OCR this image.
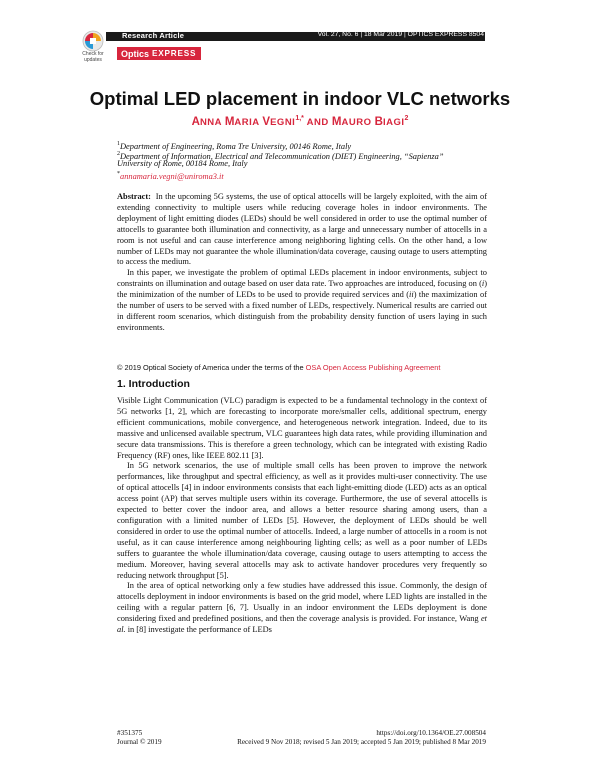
Check for
updates
Research Article	Vol. 27, No. 6 | 18 Mar 2019 | OPTICS EXPRESS 8504
Optics EXPRESS
Optimal LED placement in indoor VLC networks
ANNA MARIA $VEGNI^{1,*}$ AND MAURO BIAGI$^2$
$^1$Department of Engineering, Roma Tre University, 00146 Rome, Italy
$^2$Department of Information, Electrical and Telecommunication (DIET) Engineering, “Sapienza”
University of Rome, 00184 Rome, Italy
*annamaria.vegni@uniroma3.it

Abstract: In the upcoming 5G systems, the use of optical attocells will be largely exploited, with the aim of extending connectivity to multiple users while reducing coverage holes in indoor environments. The deployment of light emitting diodes (LEDs) should be well considered in order to use the optimal number of attocells to guarantee both illumination and connectivity, as a large and unnecessary number of attocells in a room is not useful and can cause interference among neighboring lighting cells. On the other hand, a low number of LEDs may not guarantee the whole illumination/data coverage, causing outage to users attempting to access the medium.

In this paper, we investigate the problem of optimal LEDs placement in indoor environments, subject to constraints on illumination and outage based on user data rate. Two approaches are introduced, focusing on (i) the minimization of the number of LEDs to be used to provide required services and (ii) the maximization of the number of users to be served with a fixed number of LEDs, respectively. Numerical results are carried out in different room scenarios, which distinguish from the probability density function of users laying in such environments.

© 2019 Optical Society of America under the terms of the OSA Open Access Publishing Agreement
1. Introduction

Visible Light Communication (VLC) paradigm is expected to be a fundamental technology in the context of 5G networks [1, 2], which are forecasting to incorporate more/smaller cells, additional spectrum, energy efficient communications, mobile convergence, and heterogeneous network integration. Indeed, due to its massive and unlicensed available spectrum, VLC guarantees high data rates, while providing illumination and secure data transmissions. This is therefore a green technology, which can be integrated with existing Radio Frequency (RF) ones, like IEEE 802.11 [3].

In 5G network scenarios, the use of multiple small cells has been proven to improve the network performances, like throughput and spectral efficiency, as well as it provides multi-user connectivity. The use of optical attocells [4] in indoor environments consists that each light-emitting diode (LED) acts as an optical access point (AP) that serves multiple users within its coverage. Furthermore, the use of several attocells is expected to better cover the indoor area, and allows a better resource sharing among users, than a configuration with a limited number of LEDs [5]. However, the deployment of LEDs should be well considered in order to use the optimal number of attocells. Indeed, a large number of attocells in a room is not useful, as it can cause interference among neighbouring lighting cells; as well as a poor number of LEDs suffers to guarantee the whole illumination/data coverage, causing outage to users attempting to access the medium. Moreover, having several attocells may ask to activate handover procedures very frequently so reducing network throughput [5].

In the area of optical networking only a few studies have addressed this issue. Commonly, the design of attocells deployment in indoor environments is based on the grid model, where LED lights are installed in the ceiling with a regular pattern [6, 7]. Usually in an indoor environment the LEDs deployment is done considering fixed and predefined positions, and then the coverage analysis is provided. For instance, Wang et al. in [8] investigate the performance of LEDs

#351375
Journal © 2019
https://doi.org/10.1364/OE.27.008504
Received 9 Nov 2018; revised 5 Jan 2019; accepted 5 Jan 2019; published 8 Mar 2019
